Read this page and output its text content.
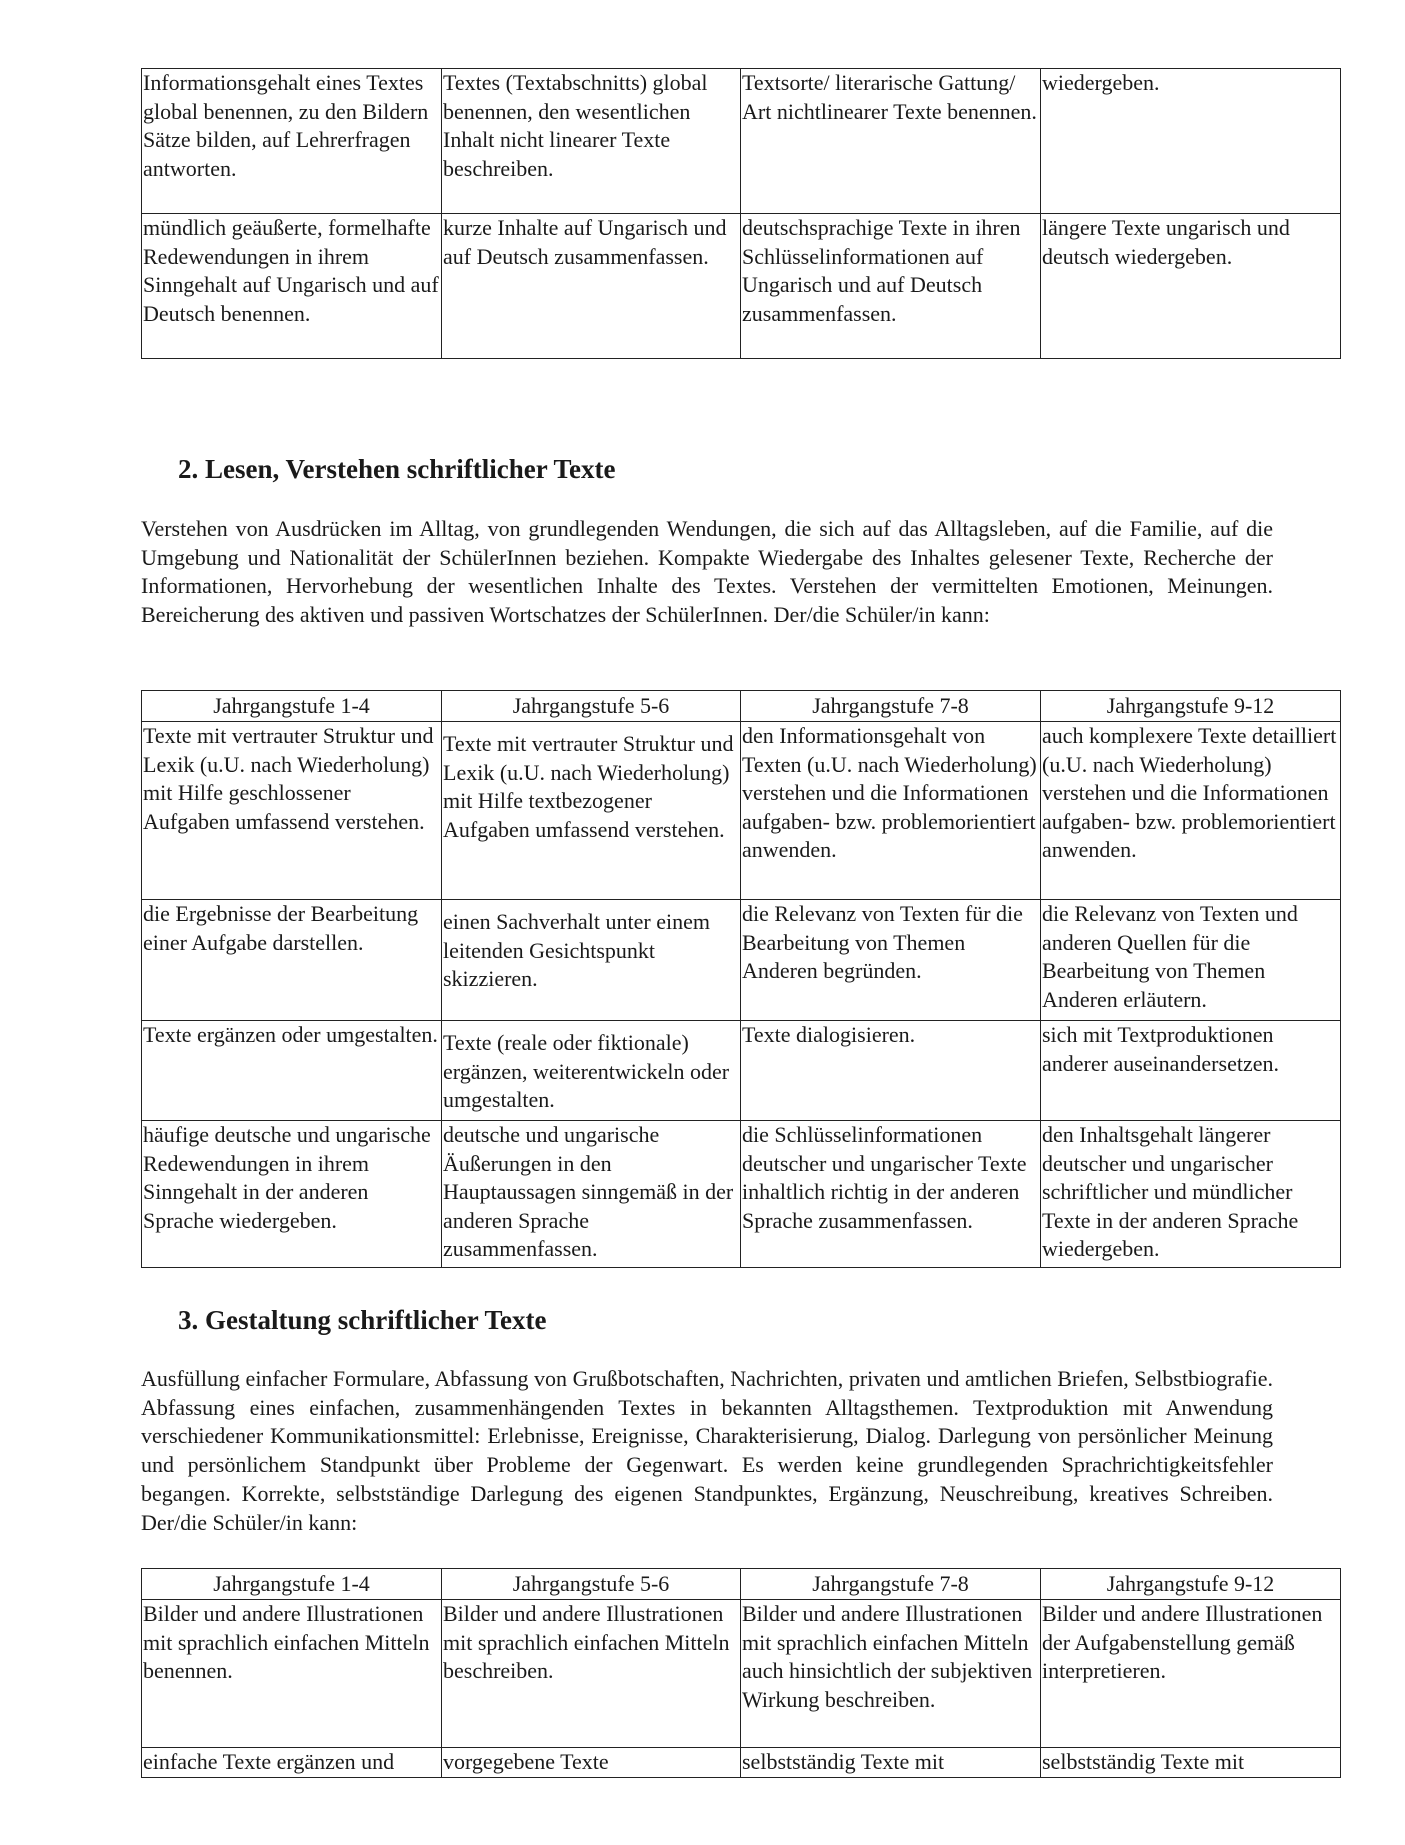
Informationsgehalt eines Textes global benennen, zu den Bildern Sätze bilden, auf Lehrerfragen antworten.	Textes (Textabschnitts) global benennen, den wesentlichen Inhalt nicht linearer Texte beschreiben.	Textsorte/ literarische Gattung/ Art nichtlinearer Texte benennen.	wiedergeben.
mündlich geäußerte, formelhafte Redewendungen in ihrem Sinngehalt auf Ungarisch und auf Deutsch benennen.	kurze Inhalte auf Ungarisch und auf Deutsch zusammenfassen.	deutschsprachige Texte in ihren Schlüsselinformationen auf Ungarisch und auf Deutsch zusammenfassen.	längere Texte ungarisch und deutsch wiedergeben.
2. Lesen, Verstehen schriftlicher Texte

Verstehen von Ausdrücken im Alltag, von grundlegenden Wendungen, die sich auf das Alltagsleben, auf die Familie, auf die Umgebung und Nationalität der SchülerInnen beziehen. Kompakte Wiedergabe des Inhaltes gelesener Texte, Recherche der Informationen, Hervorhebung der wesentlichen Inhalte des Textes. Verstehen der vermittelten Emotionen, Meinungen. Bereicherung des aktiven und passiven Wortschatzes der SchülerInnen. Der/die Schüler/in kann:

Jahrgangstufe 1-4	Jahrgangstufe 5-6	Jahrgangstufe 7-8	Jahrgangstufe 9-12
Texte mit vertrauter Struktur und Lexik (u.U. nach Wiederholung) mit Hilfe geschlossener Aufgaben umfassend verstehen.	Texte mit vertrauter Struktur und Lexik (u.U. nach Wiederholung) mit Hilfe textbezogener Aufgaben umfassend verstehen.	den Informationsgehalt von Texten (u.U. nach Wiederholung) verstehen und die Informationen aufgaben- bzw. problemorientiert anwenden.	auch komplexere Texte detailliert (u.U. nach Wiederholung) verstehen und die Informationen aufgaben- bzw. problemorientiert anwenden.
die Ergebnisse der Bearbeitung einer Aufgabe darstellen.	einen Sachverhalt unter einem leitenden Gesichtspunkt skizzieren.	die Relevanz von Texten für die Bearbeitung von Themen Anderen begründen.	die Relevanz von Texten und anderen Quellen für die Bearbeitung von Themen Anderen erläutern.
Texte ergänzen oder umgestalten.	Texte (reale oder fiktionale) ergänzen, weiterentwickeln oder umgestalten.	Texte dialogisieren.	sich mit Textproduktionen anderer auseinandersetzen.
häufige deutsche und ungarische Redewendungen in ihrem Sinngehalt in der anderen Sprache wiedergeben.	deutsche und ungarische Äußerungen in den Hauptaussagen sinngemäß in der anderen Sprache zusammenfassen.	die Schlüsselinformationen deutscher und ungarischer Texte inhaltlich richtig in der anderen Sprache zusammenfassen.	den Inhaltsgehalt längerer deutscher und ungarischer schriftlicher und mündlicher Texte in der anderen Sprache wiedergeben.
3. Gestaltung schriftlicher Texte

Ausfüllung einfacher Formulare, Abfassung von Grußbotschaften, Nachrichten, privaten und amtlichen Briefen, Selbstbiografie. Abfassung eines einfachen, zusammenhängenden Textes in bekannten Alltagsthemen. Textproduktion mit Anwendung verschiedener Kommunikationsmittel: Erlebnisse, Ereignisse, Charakterisierung, Dialog. Darlegung von persönlicher Meinung und persönlichem Standpunkt über Probleme der Gegenwart. Es werden keine grundlegenden Sprachrichtigkeitsfehler begangen. Korrekte, selbstständige Darlegung des eigenen Standpunktes, Ergänzung, Neuschreibung, kreatives Schreiben. Der/die Schüler/in kann:

Jahrgangstufe 1-4	Jahrgangstufe 5-6	Jahrgangstufe 7-8	Jahrgangstufe 9-12
Bilder und andere Illustrationen mit sprachlich einfachen Mitteln benennen.	Bilder und andere Illustrationen mit sprachlich einfachen Mitteln beschreiben.	Bilder und andere Illustrationen mit sprachlich einfachen Mitteln auch hinsichtlich der subjektiven Wirkung beschreiben.	Bilder und andere Illustrationen der Aufgabenstellung gemäß interpretieren.
einfache Texte ergänzen und	vorgegebene Texte	selbstständig Texte mit	selbstständig Texte mit
